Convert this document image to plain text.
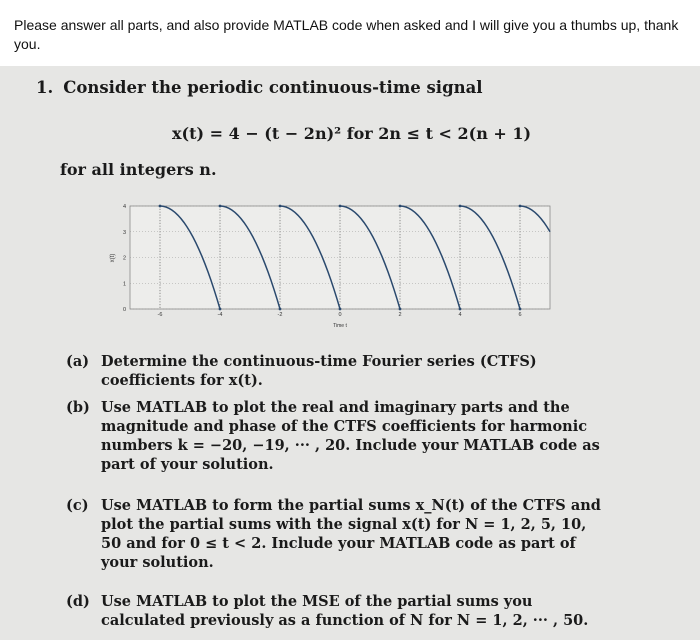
Please answer all parts, and also provide MATLAB code when asked and I will give you a thumbs up, thank you.

1. Consider the periodic continuous-time signal
x(t) = 4 − (t − 2n)² for 2n ≤ t < 2(n + 1)
for all integers n.
-6	-4	-2	0	2	4	6
0
1
2
3
4
Time t
x(t)
(a) Determine the continuous-time Fourier series (CTFS) coefficients for x(t).
(b) Use MATLAB to plot the real and imaginary parts and the magnitude and phase of the CTFS coefficients for harmonic numbers k = −20, −19, ··· , 20. Include your MATLAB code as part of your solution.
(c) Use MATLAB to form the partial sums x_N(t) of the CTFS and plot the partial sums with the signal x(t) for N = 1, 2, 5, 10, 50 and for 0 ≤ t < 2. Include your MATLAB code as part of your solution.
(d) Use MATLAB to plot the MSE of the partial sums you calculated previously as a function of N for N = 1, 2, ··· , 50.
